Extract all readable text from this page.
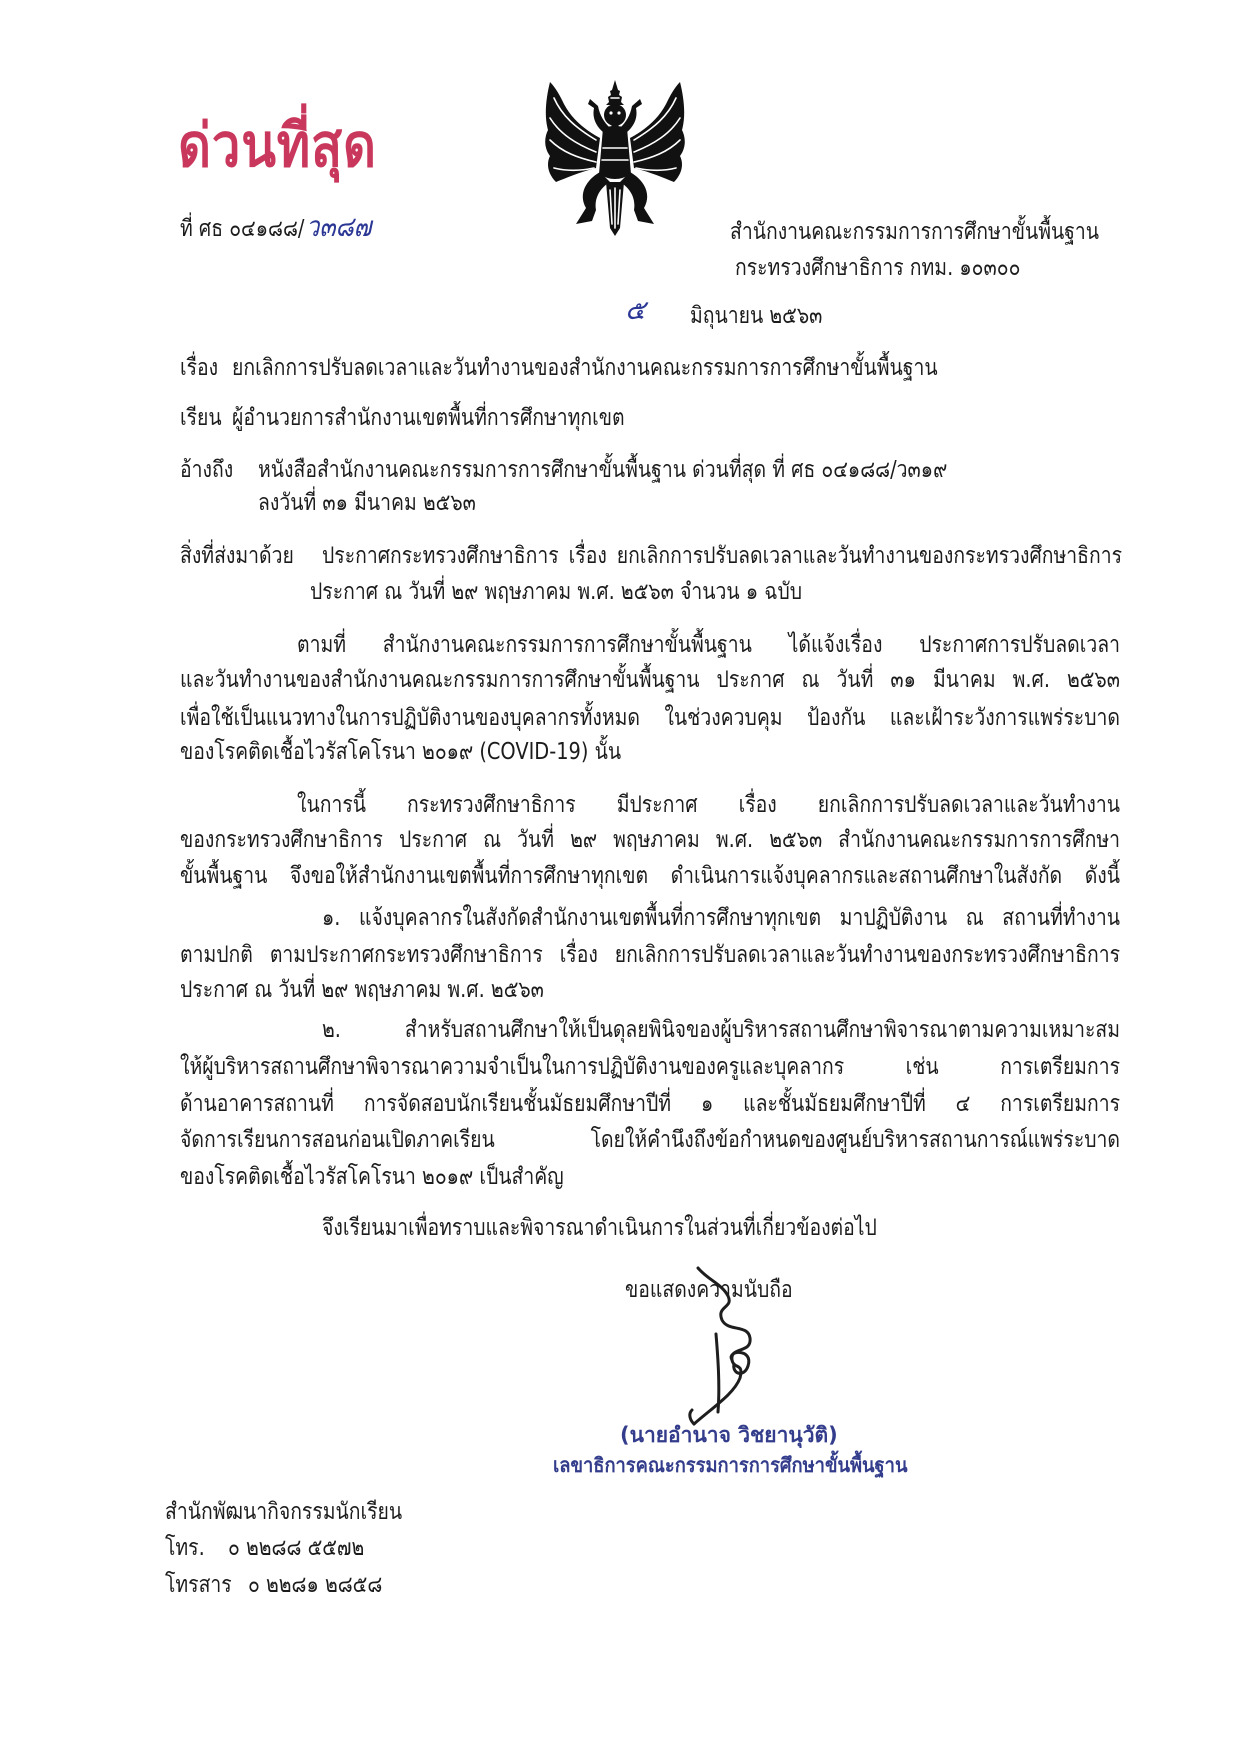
ด่วนที่สุด
ที่ ศธ ๐๔๑๘๘/ว๓๘๗	สำนักงานคณะกรรมการการศึกษาขั้นพื้นฐาน
กระทรวงศึกษาธิการ กทม. ๑๐๓๐๐
๕	มิถุนายน ๒๕๖๓
เรื่อง ยกเลิกการปรับลดเวลาและวันทำงานของสำนักงานคณะกรรมการการศึกษาขั้นพื้นฐาน
เรียน ผู้อำนวยการสำนักงานเขตพื้นที่การศึกษาทุกเขต
อ้างถึง	หนังสือสำนักงานคณะกรรมการการศึกษาขั้นพื้นฐาน ด่วนที่สุด ที่ ศธ ๐๔๑๘๘/ว๓๑๙
ลงวันที่ ๓๑ มีนาคม ๒๕๖๓
สิ่งที่ส่งมาด้วย	ประกาศกระทรวงศึกษาธิการ เรื่อง ยกเลิกการปรับลดเวลาและวันทำงานของกระทรวงศึกษาธิการ
ประกาศ ณ วันที่ ๒๙ พฤษภาคม พ.ศ. ๒๕๖๓ จำนวน ๑ ฉบับ
ตามที่ สำนักงานคณะกรรมการการศึกษาขั้นพื้นฐาน ได้แจ้งเรื่อง ประกาศการปรับลดเวลา
และวันทำงานของสำนักงานคณะกรรมการการศึกษาขั้นพื้นฐาน ประกาศ ณ วันที่ ๓๑ มีนาคม พ.ศ. ๒๕๖๓
เพื่อใช้เป็นแนวทางในการปฏิบัติงานของบุคลากรทั้งหมด ในช่วงควบคุม ป้องกัน และเฝ้าระวังการแพร่ระบาด
ของโรคติดเชื้อไวรัสโคโรนา ๒๐๑๙ (COVID-19) นั้น
ในการนี้ กระทรวงศึกษาธิการ มีประกาศ เรื่อง ยกเลิกการปรับลดเวลาและวันทำงาน
ของกระทรวงศึกษาธิการ ประกาศ ณ วันที่ ๒๙ พฤษภาคม พ.ศ. ๒๕๖๓ สำนักงานคณะกรรมการการศึกษา
ขั้นพื้นฐาน จึงขอให้สำนักงานเขตพื้นที่การศึกษาทุกเขต ดำเนินการแจ้งบุคลากรและสถานศึกษาในสังกัด ดังนี้
๑. แจ้งบุคลากรในสังกัดสำนักงานเขตพื้นที่การศึกษาทุกเขต มาปฏิบัติงาน ณ สถานที่ทำงาน
ตามปกติ ตามประกาศกระทรวงศึกษาธิการ เรื่อง ยกเลิกการปรับลดเวลาและวันทำงานของกระทรวงศึกษาธิการ
ประกาศ ณ วันที่ ๒๙ พฤษภาคม พ.ศ. ๒๕๖๓
๒. สำหรับสถานศึกษาให้เป็นดุลยพินิจของผู้บริหารสถานศึกษาพิจารณาตามความเหมาะสม
ให้ผู้บริหารสถานศึกษาพิจารณาความจำเป็นในการปฏิบัติงานของครูและบุคลากร เช่น การเตรียมการ
ด้านอาคารสถานที่ การจัดสอบนักเรียนชั้นมัธยมศึกษาปีที่ ๑ และชั้นมัธยมศึกษาปีที่ ๔ การเตรียมการ
จัดการเรียนการสอนก่อนเปิดภาคเรียน โดยให้คำนึงถึงข้อกำหนดของศูนย์บริหารสถานการณ์แพร่ระบาด
ของโรคติดเชื้อไวรัสโคโรนา ๒๐๑๙ เป็นสำคัญ
จึงเรียนมาเพื่อทราบและพิจารณาดำเนินการในส่วนที่เกี่ยวข้องต่อไป
ขอแสดงความนับถือ
(นายอำนาจ วิชยานุวัติ)
เลขาธิการคณะกรรมการการศึกษาขั้นพื้นฐาน
สำนักพัฒนากิจกรรมนักเรียน
โทร.	๐ ๒๒๘๘ ๕๕๗๒
โทรสาร ๐ ๒๒๘๑ ๒๘๕๘
